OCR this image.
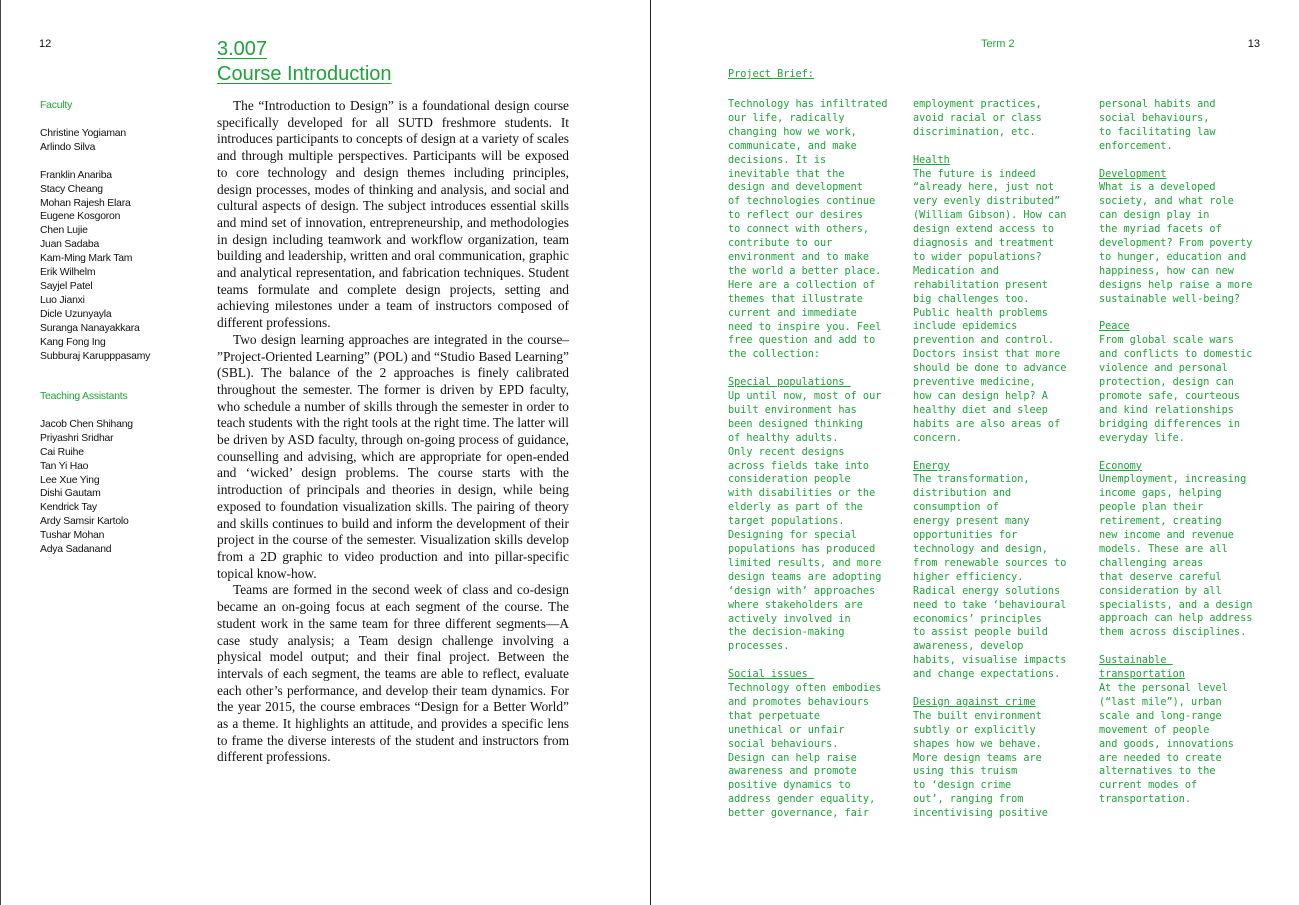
12	3.007
Course Introduction
Faculty
Christine Yogiaman
Arlindo Silva
Franklin Anariba
Stacy Cheang
Mohan Rajesh Elara
Eugene Kosgoron
Chen Lujie
Juan Sadaba
Kam-Ming Mark Tam
Erik Wilhelm
Sayjel Patel
Luo Jianxi
Dicle Uzunyayla
Suranga Nanayakkara
Kang Fong Ing
Subburaj Karupppasamy
Teaching Assistants
Jacob Chen Shihang
Priyashri Sridhar
Cai Ruihe
Tan Yi Hao
Lee Xue Ying
Dishi Gautam
Kendrick Tay
Ardy Samsir Kartolo
Tushar Mohan
Adya Sadanand

The “Introduction to Design” is a foundational design course specifically developed for all SUTD freshmore students. It introduces participants to concepts of design at a variety of scales and through multiple perspectives. Participants will be exposed to core technology and design themes including principles, design processes, modes of thinking and analysis, and social and cultural aspects of design. The subject introduces essential skills and mind set of innovation, entrepreneurship, and methodologies in design including teamwork and workflow organization, team building and leadership, written and oral communication, graphic and analytical representation, and fabrication techniques. Student teams formulate and complete design projects, setting and achieving milestones under a team of instructors composed of different professions.

Two design learning approaches are integrated in the course– ”Project-Oriented Learning” (POL) and “Studio Based Learning” (SBL). The balance of the 2 approaches is finely calibrated throughout the semester. The former is driven by EPD faculty, who schedule a number of skills through the semester in order to teach students with the right tools at the right time. The latter will be driven by ASD faculty, through on-going process of guidance, counselling and advising, which are appropriate for open-ended and ‘wicked’ design problems. The course starts with the introduction of principals and theories in design, while being exposed to foundation visualization skills. The pairing of theory and skills continues to build and inform the development of their project in the course of the semester. Visualization skills develop from a 2D graphic to video production and into pillar-specific topical know-how.

Teams are formed in the second week of class and co-design became an on-going focus at each segment of the course. The student work in the same team for three different segments—A case study analysis; a Team design challenge involving a physical model output; and their final project. Between the intervals of each segment, the teams are able to reflect, evaluate each other’s performance, and develop their team dynamics. For the year 2015, the course embraces “Design for a Better World” as a theme. It highlights an attitude, and provides a specific lens to frame the diverse interests of the student and instructors from different professions.

Term 2	13
Project Brief:
Technology has infiltrated
our life, radically
changing how we work,
communicate, and make
decisions. It is
inevitable that the
design and development
of technologies continue
to reflect our desires
to connect with others,
contribute to our
environment and to make
the world a better place.
Here are a collection of
themes that illustrate
current and immediate
need to inspire you. Feel
free question and add to
the collection:
Special populations
Up until now, most of our
built environment has
been designed thinking
of healthy adults.
Only recent designs
across fields take into
consideration people
with disabilities or the
elderly as part of the
target populations.
Designing for special
populations has produced
limited results, and more
design teams are adopting
‘design with’ approaches
where stakeholders are
actively involved in
the decision-making
processes.
Social issues
Technology often embodies
and promotes behaviours
that perpetuate
unethical or unfair
social behaviours.
Design can help raise
awareness and promote
positive dynamics to
address gender equality,
better governance, fair
employment practices,
avoid racial or class
discrimination, etc.
Health
The future is indeed
“already here, just not
very evenly distributed”
(William Gibson). How can
design extend access to
diagnosis and treatment
to wider populations?
Medication and
rehabilitation present
big challenges too.
Public health problems
include epidemics
prevention and control.
Doctors insist that more
should be done to advance
preventive medicine,
how can design help? A
healthy diet and sleep
habits are also areas of
concern.
Energy
The transformation,
distribution and
consumption of
energy present many
opportunities for
technology and design,
from renewable sources to
higher efficiency.
Radical energy solutions
need to take ‘behavioural
economics’ principles
to assist people build
awareness, develop
habits, visualise impacts
and change expectations.
Design against crime
The built environment
subtly or explicitly
shapes how we behave.
More design teams are
using this truism
to ‘design crime
out’, ranging from
incentivising positive
personal habits and
social behaviours,
to facilitating law
enforcement.
Development
What is a developed
society, and what role
can design play in
the myriad facets of
development? From poverty
to hunger, education and
happiness, how can new
designs help raise a more
sustainable well-being?
Peace
From global scale wars
and conflicts to domestic
violence and personal
protection, design can
promote safe, courteous
and kind relationships
bridging differences in
everyday life.
Economy
Unemployment, increasing
income gaps, helping
people plan their
retirement, creating
new income and revenue
models. These are all
challenging areas
that deserve careful
consideration by all
specialists, and a design
approach can help address
them across disciplines.
Sustainable
transportation
At the personal level
(“last mile”), urban
scale and long-range
movement of people
and goods, innovations
are needed to create
alternatives to the
current modes of
transportation.
